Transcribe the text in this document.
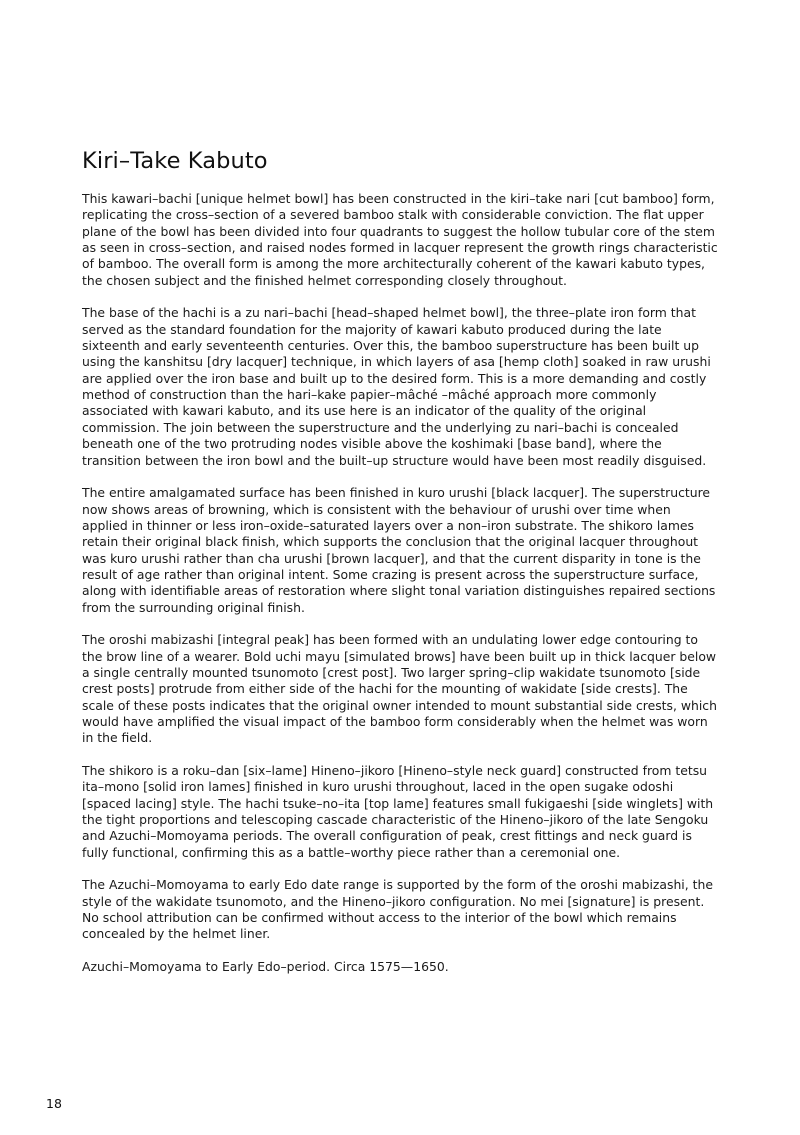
Kiri–Take Kabuto

This kawari–bachi [unique helmet bowl] has been constructed in the kiri–take nari [cut bamboo] form, replicating the cross–section of a severed bamboo stalk with considerable conviction. The flat upper plane of the bowl has been divided into four quadrants to suggest the hollow tubular core of the stem as seen in cross–section, and raised nodes formed in lacquer represent the growth rings characteristic of bamboo. The overall form is among the more architecturally coherent of the kawari kabuto types, the chosen subject and the finished helmet corresponding closely throughout.

The base of the hachi is a zu nari–bachi [head–shaped helmet bowl], the three–plate iron form that served as the standard foundation for the majority of kawari kabuto produced during the late sixteenth and early seventeenth centuries. Over this, the bamboo superstructure has been built up using the kanshitsu [dry lacquer] technique, in which layers of asa [hemp cloth] soaked in raw urushi are applied over the iron base and built up to the desired form. This is a more demanding and costly method of construction than the hari–kake papier–mâché –mâché approach more commonly associated with kawari kabuto, and its use here is an indicator of the quality of the original commission. The join between the superstructure and the underlying zu nari–bachi is concealed beneath one of the two protruding nodes visible above the koshimaki [base band], where the transition between the iron bowl and the built–up structure would have been most readily disguised.

The entire amalgamated surface has been finished in kuro urushi [black lacquer]. The superstructure now shows areas of browning, which is consistent with the behaviour of urushi over time when applied in thinner or less iron–oxide–saturated layers over a non–iron substrate. The shikoro lames retain their original black finish, which supports the conclusion that the original lacquer throughout was kuro urushi rather than cha urushi [brown lacquer], and that the current disparity in tone is the result of age rather than original intent. Some crazing is present across the superstructure surface, along with identifiable areas of restoration where slight tonal variation distinguishes repaired sections from the surrounding original finish.

The oroshi mabizashi [integral peak] has been formed with an undulating lower edge contouring to the brow line of a wearer. Bold uchi mayu [simulated brows] have been built up in thick lacquer below a single centrally mounted tsunomoto [crest post]. Two larger spring–clip wakidate tsunomoto [side crest posts] protrude from either side of the hachi for the mounting of wakidate [side crests]. The scale of these posts indicates that the original owner intended to mount substantial side crests, which would have amplified the visual impact of the bamboo form considerably when the helmet was worn in the field.

The shikoro is a roku–dan [six–lame] Hineno–jikoro [Hineno–style neck guard] constructed from tetsu ita–mono [solid iron lames] finished in kuro urushi throughout, laced in the open sugake odoshi [spaced lacing] style. The hachi tsuke–no–ita [top lame] features small fukigaeshi [side winglets] with the tight proportions and telescoping cascade characteristic of the Hineno–jikoro of the late Sengoku and Azuchi–Momoyama periods. The overall configuration of peak, crest fittings and neck guard is fully functional, confirming this as a battle–worthy piece rather than a ceremonial one.

The Azuchi–Momoyama to early Edo date range is supported by the form of the oroshi mabizashi, the style of the wakidate tsunomoto, and the Hineno–jikoro configuration. No mei [signature] is present. No school attribution can be confirmed without access to the interior of the bowl which remains concealed by the helmet liner.

Azuchi–Momoyama to Early Edo–period. Circa 1575—1650.

18
